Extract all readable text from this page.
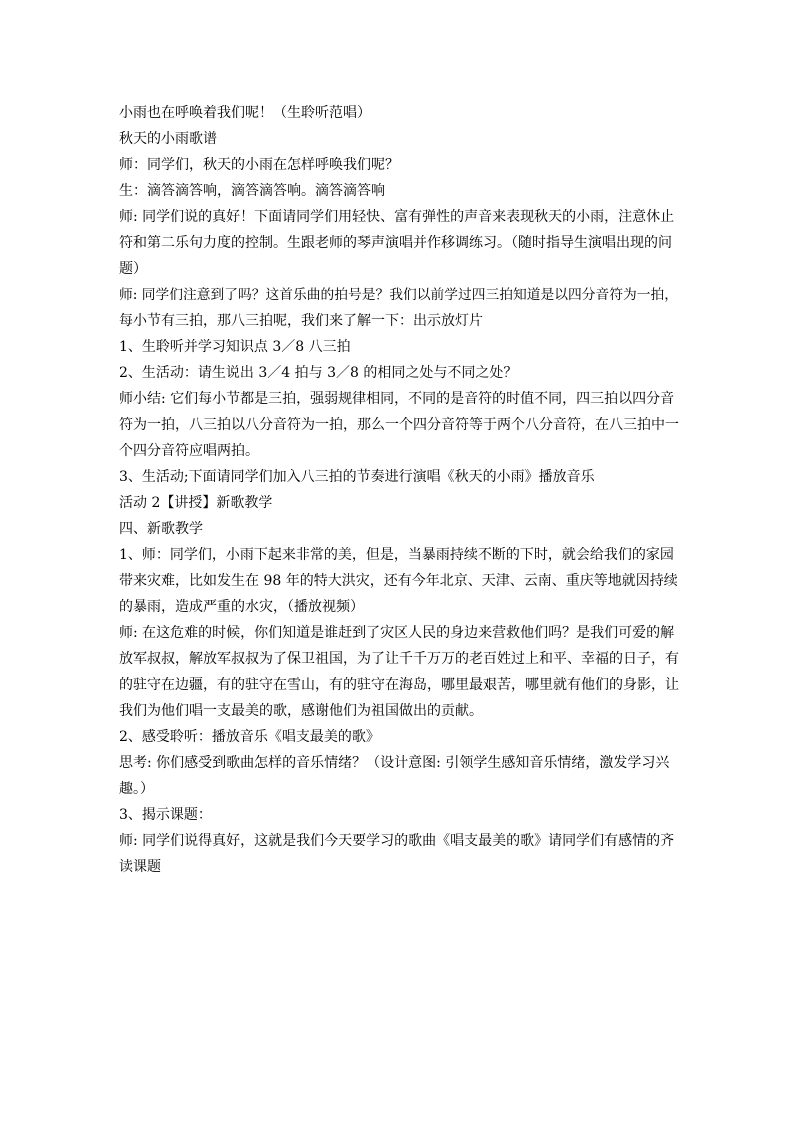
小雨也在呼唤着我们呢！（生聆听范唱）

秋天的小雨歌谱

师：同学们，秋天的小雨在怎样呼唤我们呢？

生：滴答滴答响，滴答滴答响。滴答滴答响

师: 同学们说的真好！下面请同学们用轻快、富有弹性的声音来表现秋天的小雨，注意休止
符和第二乐句力度的控制。生跟老师的琴声演唱并作移调练习。（随时指导生演唱出现的问
题）

师: 同学们注意到了吗？这首乐曲的拍号是？我们以前学过四三拍知道是以四分音符为一拍，
每小节有三拍，那八三拍呢，我们来了解一下：出示放灯片

1、生聆听并学习知识点 3／8 八三拍

2、生活动：请生说出 3／4 拍与 3／8 的相同之处与不同之处？

师小结: 它们每小节都是三拍，强弱规律相同，不同的是音符的时值不同，四三拍以四分音
符为一拍，八三拍以八分音符为一拍，那么一个四分音符等于两个八分音符，在八三拍中一
个四分音符应唱两拍。

3、生活动;下面请同学们加入八三拍的节奏进行演唱《秋天的小雨》播放音乐

活动 2【讲授】新歌教学

四、新歌教学

1、师：同学们，小雨下起来非常的美，但是，当暴雨持续不断的下时，就会给我们的家园
带来灾难，比如发生在 98 年的特大洪灾，还有今年北京、天津、云南、重庆等地就因持续
的暴雨，造成严重的水灾，（播放视频）

师: 在这危难的时候，你们知道是谁赶到了灾区人民的身边来营救他们吗？是我们可爱的解
放军叔叔，解放军叔叔为了保卫祖国，为了让千千万万的老百姓过上和平、幸福的日子，有
的驻守在边疆，有的驻守在雪山，有的驻守在海岛，哪里最艰苦，哪里就有他们的身影，让
我们为他们唱一支最美的歌，感谢他们为祖国做出的贡献。

2、感受聆听：播放音乐《唱支最美的歌》

思考: 你们感受到歌曲怎样的音乐情绪？（设计意图: 引领学生感知音乐情绪，激发学习兴
趣。）

3、揭示课题：

师: 同学们说得真好，这就是我们今天要学习的歌曲《唱支最美的歌》请同学们有感情的齐
读课题
